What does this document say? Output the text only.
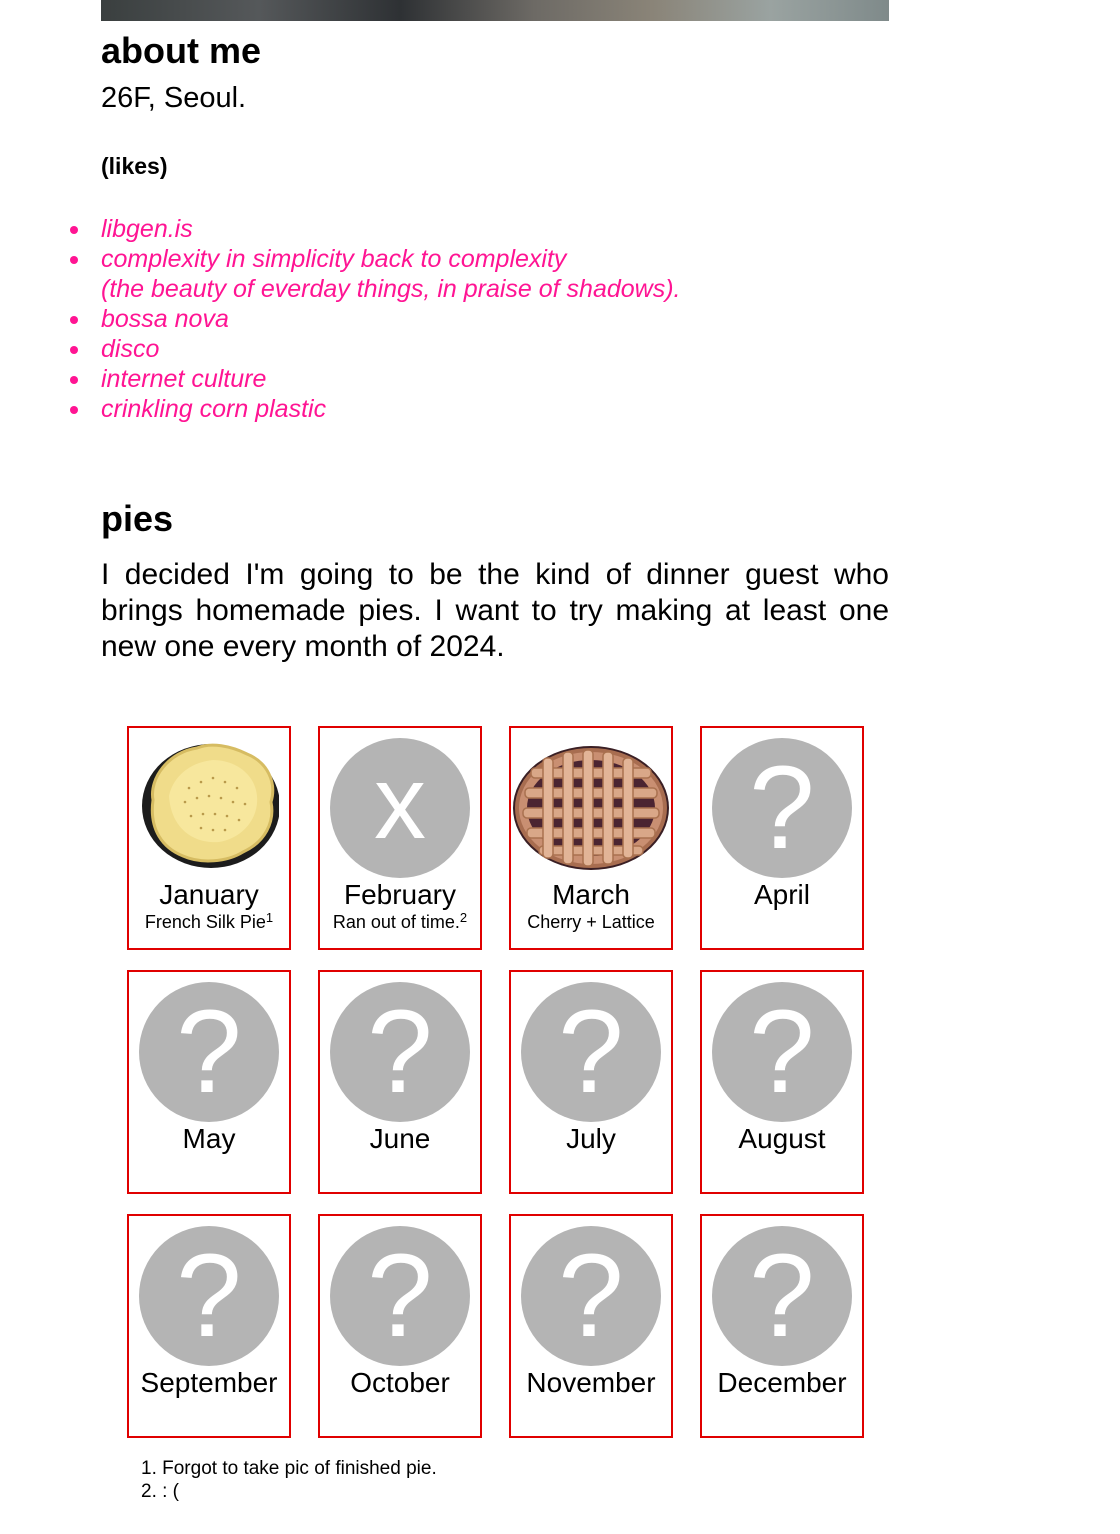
about me

26F, Seoul.

(likes)

libgen.is
complexity in simplicity back to complexity
(the beauty of everday things, in praise of shadows).
bossa nova
disco
internet culture
crinkling corn plastic
pies

I decided I'm going to be the kind of dinner guest who brings homemade pies. I want to try making at least one new one every month of 2024.

January
French Silk Pie$^1$
x
February
Ran out of time.$^2$
March
Cherry + Lattice
?
April
?
May
?
June
?
July
?
August
?
September
?
October
?
November
?
December
1. Forgot to take pic of finished pie.
2. : (
